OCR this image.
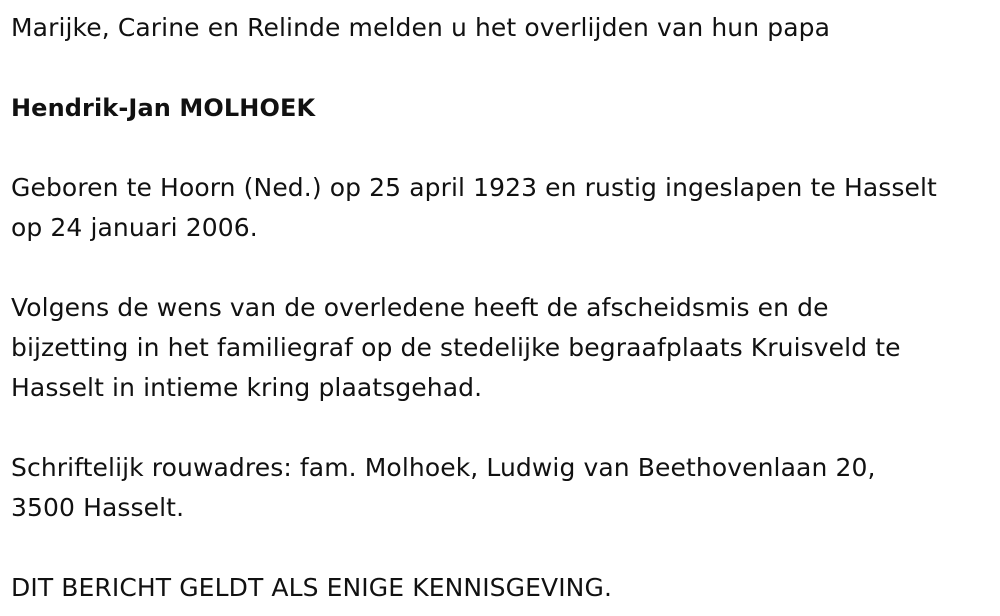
Marijke, Carine en Relinde melden u het overlijden van hun papa

Hendrik-Jan MOLHOEK

Geboren te Hoorn (Ned.) op 25 april 1923 en rustig ingeslapen te Hasselt
op 24 januari 2006.

Volgens de wens van de overledene heeft de afscheidsmis en de
bijzetting in het familiegraf op de stedelijke begraafplaats Kruisveld te
Hasselt in intieme kring plaatsgehad.

Schriftelijk rouwadres: fam. Molhoek, Ludwig van Beethovenlaan 20,
3500 Hasselt.

DIT BERICHT GELDT ALS ENIGE KENNISGEVING.
